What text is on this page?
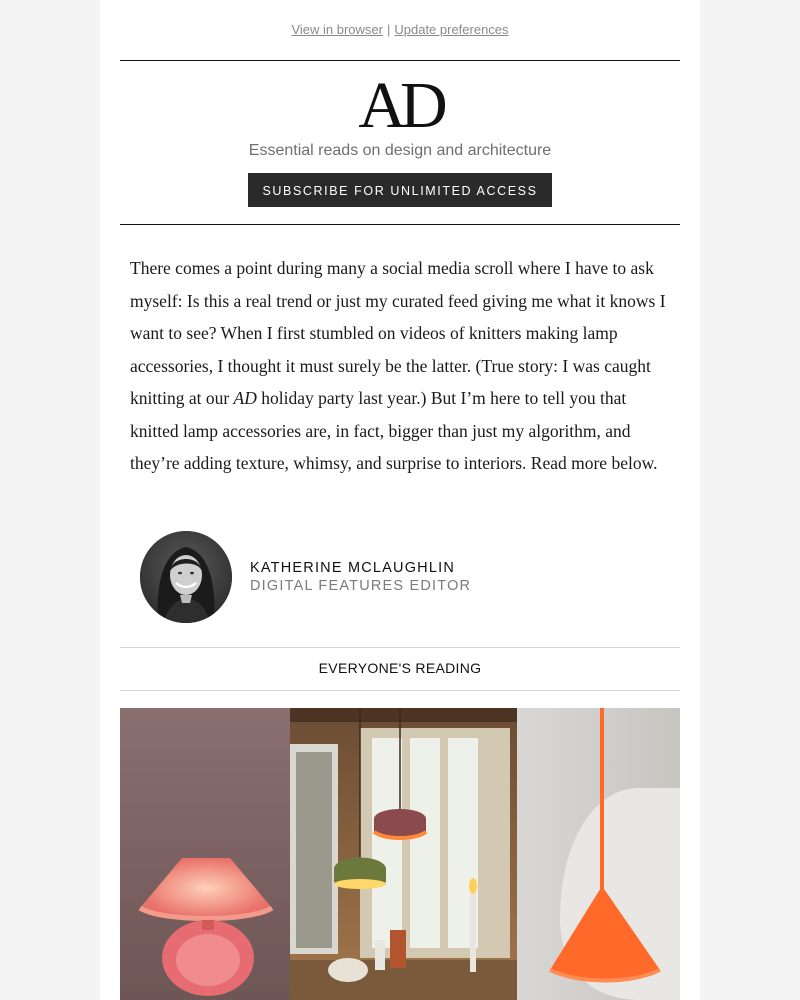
View in browser | Update preferences
AD
Essential reads on design and architecture
SUBSCRIBE FOR UNLIMITED ACCESS

There comes a point during many a social media scroll where I have to ask myself: Is this a real trend or just my curated feed giving me what it knows I want to see? When I first stumbled on videos of knitters making lamp accessories, I thought it must surely be the latter. (True story: I was caught knitting at our AD holiday party last year.) But I’m here to tell you that knitted lamp accessories are, in fact, bigger than just my algorithm, and they’re adding texture, whimsy, and surprise to interiors. Read more below.

KATHERINE MCLAUGHLIN
DIGITAL FEATURES EDITOR
EVERYONE'S READING
